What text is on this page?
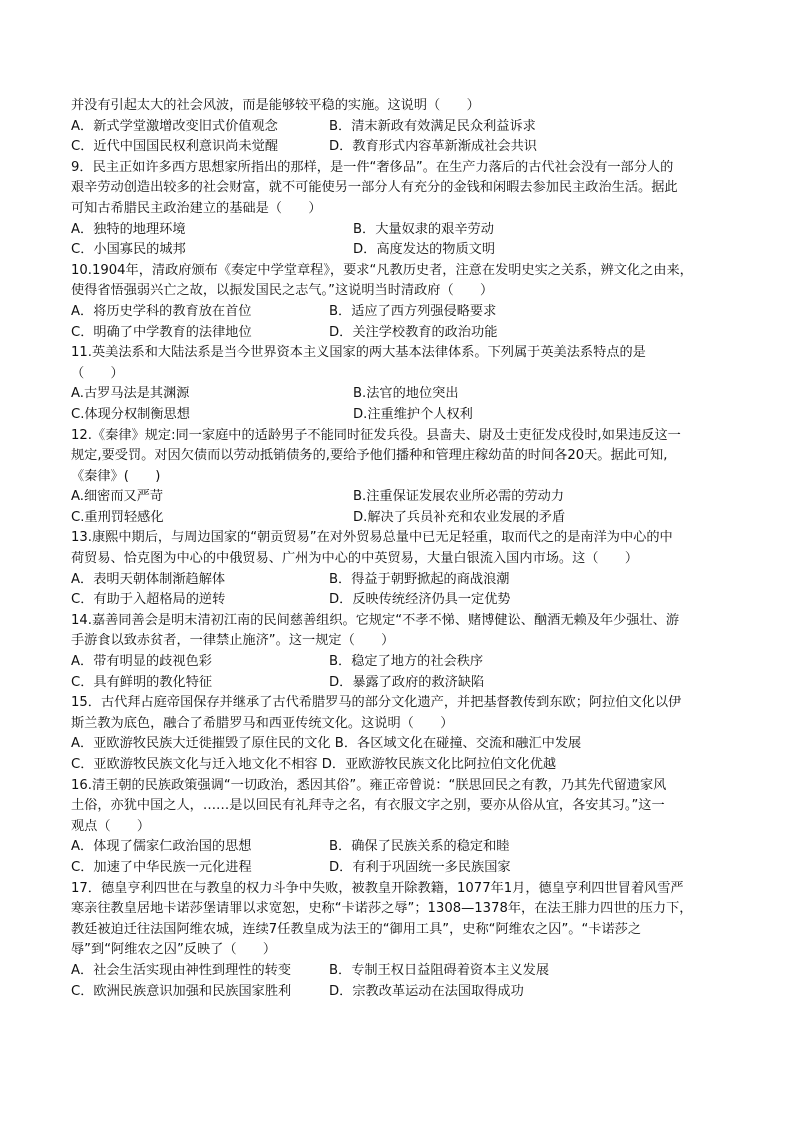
并没有引起太大的社会风波，而是能够较平稳的实施。这说明（　　）
A．新式学堂激增改变旧式价值观念	B．清末新政有效满足民众利益诉求
C．近代中国国民权利意识尚未觉醒	D．教育形式内容革新渐成社会共识
9．民主正如许多西方思想家所指出的那样，是一件“奢侈品”。在生产力落后的古代社会没有一部分人的
艰辛劳动创造出较多的社会财富，就不可能使另一部分人有充分的金钱和闲暇去参加民主政治生活。据此
可知古希腊民主政治建立的基础是（　　）
A．独特的地理环境	B．大量奴隶的艰辛劳动
C．小国寡民的城邦	D．高度发达的物质文明
10.1904年，清政府颁布《奏定中学堂章程》，要求“凡教历史者，注意在发明史实之关系，辨文化之由来，
使得省悟强弱兴亡之故，以振发国民之志气。”这说明当时清政府（　　）
A．将历史学科的教育放在首位	B．适应了西方列强侵略要求
C．明确了中学教育的法律地位	D．关注学校教育的政治功能
11.英美法系和大陆法系是当今世界资本主义国家的两大基本法律体系。下列属于英美法系特点的是
（　　）
A.古罗马法是其渊源	B.法官的地位突出
C.体现分权制衡思想	D.注重维护个人权利
12.《秦律》规定:同一家庭中的适龄男子不能同时征发兵役。县啬夫、尉及士吏征发戍役时,如果违反这一
规定,要受罚。对因欠债而以劳动抵销债务的,要给予他们播种和管理庄稼幼苗的时间各20天。据此可知,
《秦律》(　　)
A.细密而又严苛	B.注重保证发展农业所必需的劳动力
C.重刑罚轻感化	D.解决了兵员补充和农业发展的矛盾
13.康熙中期后，与周边国家的“朝贡贸易”在对外贸易总量中已无足轻重，取而代之的是南洋为中心的中
荷贸易、恰克图为中心的中俄贸易、广州为中心的中英贸易，大量白银流入国内市场。这（　　）
A．表明天朝体制渐趋解体	B．得益于朝野掀起的商战浪潮
C．有助于入超格局的逆转	D．反映传统经济仍具一定优势
14.嘉善同善会是明末清初江南的民间慈善组织。它规定“不孝不悌、赌博健讼、酗酒无赖及年少强壮、游
手游食以致赤贫者，一律禁止施济”。这一规定（　　）
A．带有明显的歧视色彩	B．稳定了地方的社会秩序
C．具有鲜明的教化特征	D．暴露了政府的救济缺陷
15．古代拜占庭帝国保存并继承了古代希腊罗马的部分文化遗产，并把基督教传到东欧；阿拉伯文化以伊
斯兰教为底色，融合了希腊罗马和西亚传统文化。这说明（　　）
A．亚欧游牧民族大迁徙摧毁了原住民的文化 B．各区域文化在碰撞、交流和融汇中发展
C．亚欧游牧民族文化与迁入地文化不相容 D．亚欧游牧民族文化比阿拉伯文化优越
16.清王朝的民族政策强调“一切政治，悉因其俗”。雍正帝曾说：“朕思回民之有教，乃其先代留遗家风
土俗，亦犹中国之人，……是以回民有礼拜寺之名，有衣服文字之别，要亦从俗从宜，各安其习。”这一
观点（　　）
A．体现了儒家仁政治国的思想	B．确保了民族关系的稳定和睦
C．加速了中华民族一元化进程	D．有利于巩固统一多民族国家
17．德皇亨利四世在与教皇的权力斗争中失败，被教皇开除教籍，1077年1月，德皇亨利四世冒着风雪严
寒亲往教皇居地卡诺莎堡请罪以求宽恕，史称“卡诺莎之辱”；1308—1378年，在法王腓力四世的压力下，
教廷被迫迁往法国阿维农城，连续7任教皇成为法王的“御用工具”，史称“阿维农之囚”。“卡诺莎之
辱”到“阿维农之囚”反映了（　　）
A．社会生活实现由神性到理性的转变	B．专制王权日益阻碍着资本主义发展
C．欧洲民族意识加强和民族国家胜利	D．宗教改革运动在法国取得成功
